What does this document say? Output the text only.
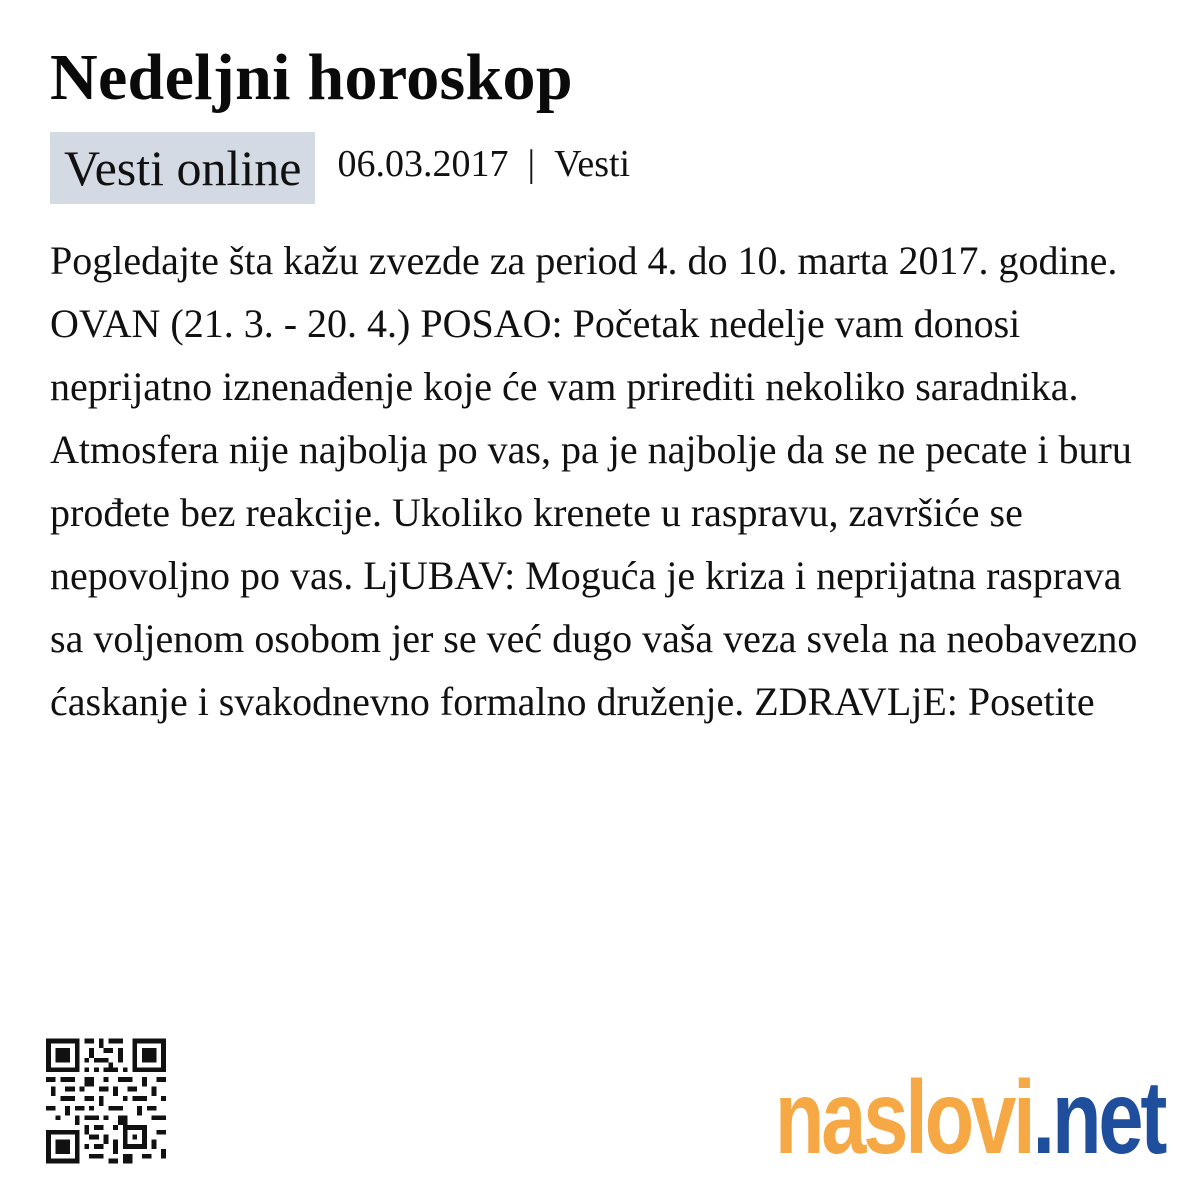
Nedeljni horoskop
Vesti online 06.03.2017 | Vesti

Pogledajte šta kažu zvezde za period 4. do 10. marta 2017. godine. OVAN (21. 3. - 20. 4.) POSAO: Početak nedelje vam donosi neprijatno iznenađenje koje će vam prirediti nekoliko saradnika. Atmosfera nije najbolja po vas, pa je najbolje da se ne pecate i buru prođete bez reakcije. Ukoliko krenete u raspravu, završiće se nepovoljno po vas. LjUBAV: Moguća je kriza i neprijatna rasprava sa voljenom osobom jer se već dugo vaša veza svela na neobavezno ćaskanje i svakodnevno formalno druženje. ZDRAVLjE: Posetite

naslovi .net
